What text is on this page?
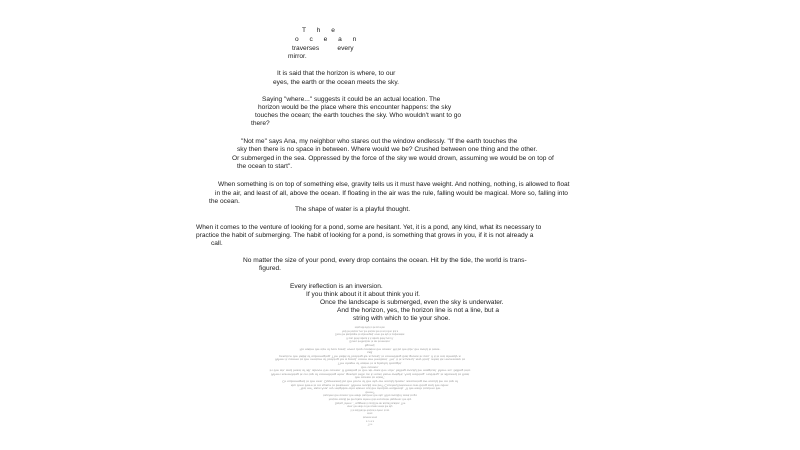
T h e
o c e a n
traverses          every
mirror.
It is said that the horizon is where, to our
eyes, the earth or the ocean meets the sky.
Saying "where..." suggests it could be an actual location. The
horizon would be the place where this encounter happens: the sky
touches the ocean; the earth touches the sky. Who wouldn't want to go
there?
"Not me" says Ana, my neighbor who stares out the window endlessly. "If the earth touches the
sky then there is no space in between. Where would we be? Crushed between one thing and the other.
Or submerged in the sea. Oppressed by the force of the sky we would drown, assuming we would be on top of
the ocean to start".
When something is on top of something else, gravity tells us it must have weight. And nothing, nothing, is allowed to float
in the air, and least of all, above the ocean. If floating in the air was the rule, falling would be magical. More so, falling into
the ocean.
The shape of water is a playful thought.
When it comes to the venture of looking for a pond, some are hesitant. Yet, it is a pond, any kind, what its necessary to
practice the habit of submerging. The habit of looking for a pond, is something that grows in you, if it is not already a
call.
No matter the size of your pond, every drop contains the ocean. Hit by the tide, the world is trans-
figured.
Every ireflection is an inversion.
If you think about it it about think you if.
Once the landscape is submerged, even the sky is underwater.
And the horizon, yes, the horizon line is not a line, but a
string with which to tie your shoe.
string with which to tie your shoe.
And the horizon, yes, the horizon line is not a line, but a
Once the landscape is submerged, even the sky is underwater.
If you think about it it about think you if.
Every ireflection is an inversion.
figured.
No matter the size of your pond, every drop contains the ocean. Hit by the tide, the world is trans-
call.
practice the habit of submerging. The habit of looking for a pond, is something that grows in you, if it is not already a
When it comes to the venture of looking for a pond, some are hesitant. Yet, it is a pond, any kind, what its necessary to
The shape of water is a playful thought.
the ocean.
in the air, and least of all, above the ocean. If floating in the air was the rule, falling would be magical. More so, falling into
When something is on top of something else, gravity tells us it must have weight. And nothing, nothing, is allowed to float
the ocean to start".
Or submerged in the sea. Oppressed by the force of the sky we would drown, assuming we would be on top of
sky then there is no space in between. Where would we be? Crushed between one thing and the other.
"Not me" says Ana, my neighbor who stares out the window endlessly. "If the earth touches the
there?
touches the ocean; the earth touches the sky. Who wouldn't want to go
horizon would be the place where this encounter happens: the sky
Saying "where..." suggests it could be an actual location. The
eyes, the earth or the ocean meets the sky.
It is said that the horizon is where, to our
mirror.
traverses every
o c e a n
T h e
